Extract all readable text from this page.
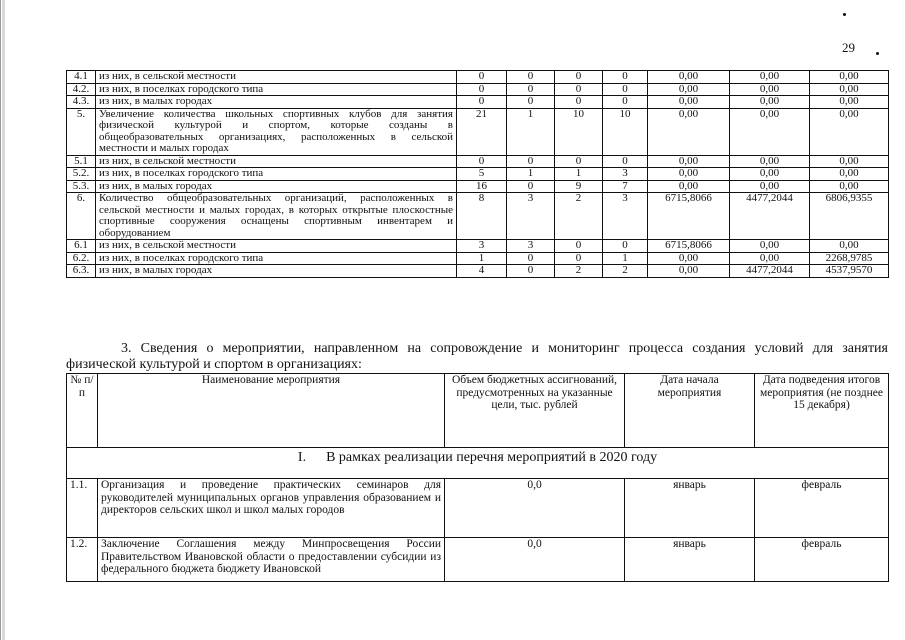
29
4.1	из них, в сельской местности	0	0	0	0	0,00	0,00	0,00
4.2.	из них, в поселках городского типа	0	0	0	0	0,00	0,00	0,00
4.3.	из них, в малых городах	0	0	0	0	0,00	0,00	0,00
5.	Увеличение количества школьных спортивных клубов для занятия физической культурой и спортом, которые созданы в общеобразовательных организациях, расположенных в сельской местности и малых городах	21	1	10	10	0,00	0,00	0,00
5.1	из них, в сельской местности	0	0	0	0	0,00	0,00	0,00
5.2.	из них, в поселках городского типа	5	1	1	3	0,00	0,00	0,00
5.3.	из них, в малых городах	16	0	9	7	0,00	0,00	0,00
6.	Количество общеобразовательных организаций, расположенных в сельской местности и малых городах, в которых открытые плоскостные спортивные сооружения оснащены спортивным инвентарем и оборудованием	8	3	2	3	6715,8066	4477,2044	6806,9355
6.1	из них, в сельской местности	3	3	0	0	6715,8066	0,00	0,00
6.2.	из них, в поселках городского типа	1	0	0	1	0,00	0,00	2268,9785
6.3.	из них, в малых городах	4	0	2	2	0,00	4477,2044	4537,9570
3. Сведения о мероприятии, направленном на сопровождение и мониторинг процесса создания условий для занятия физической культурой и спортом в организациях:
№ п/п	Наименование мероприятия	Объем бюджетных ассигнований, предусмотренных на указанные цели, тыс. рублей	Дата начала мероприятия	Дата подведения итогов мероприятия (не позднее 15 декабря)
I. В рамках реализации перечня мероприятий в 2020 году				
1.1.	Организация и проведение практических семинаров для руководителей муниципальных органов управления образованием и директоров сельских школ и школ малых городов	0,0	январь	февраль
1.2.	Заключение Соглашения между Минпросвещения России Правительством Ивановской области о предоставлении субсидии из федерального бюджета бюджету Ивановской	0,0	январь	февраль
